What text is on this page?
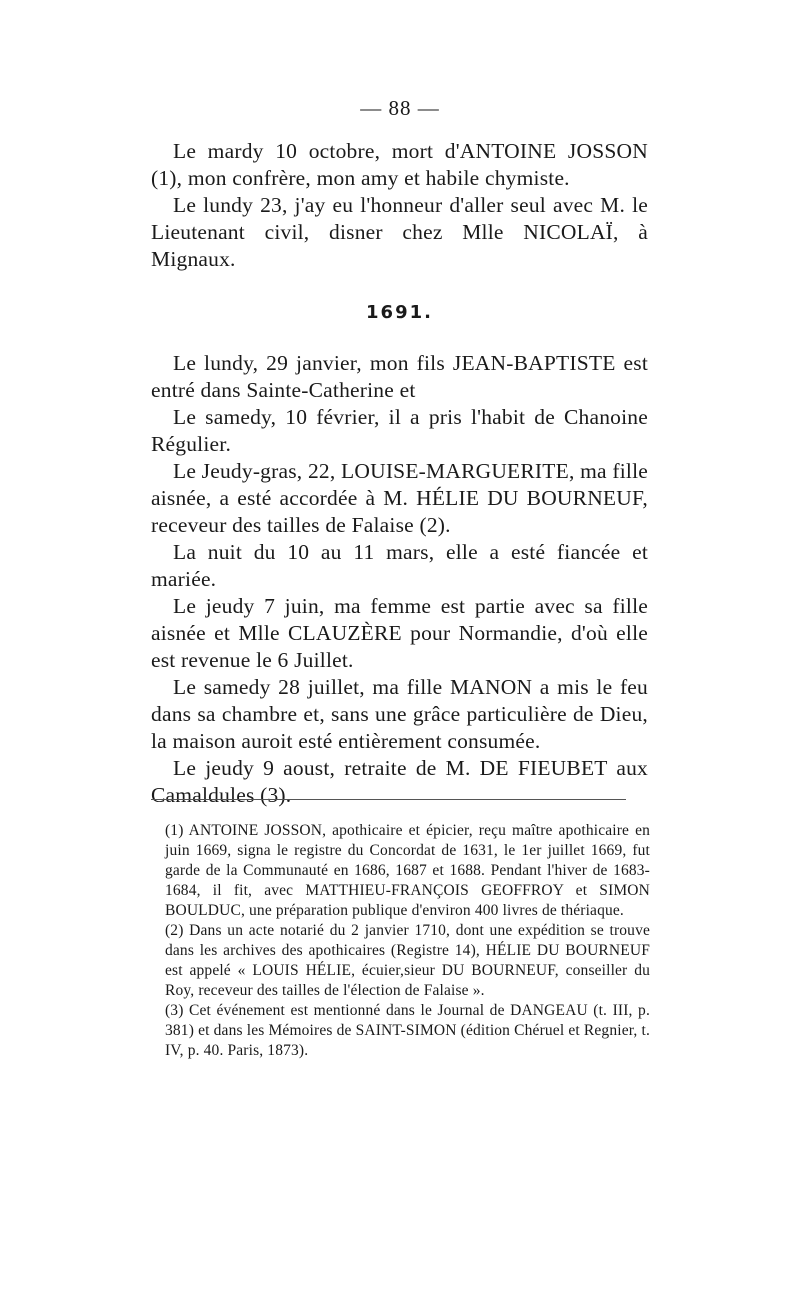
— 88 —

Le mardy 10 octobre, mort d'ANTOINE JOSSON (1), mon confrère, mon amy et habile chymiste.

Le lundy 23, j'ay eu l'honneur d'aller seul avec M. le Lieutenant civil, disner chez Mlle NICOLAÏ, à Mignaux.

1691.

Le lundy, 29 janvier, mon fils JEAN-BAPTISTE est entré dans Sainte-Catherine et

Le samedy, 10 février, il a pris l'habit de Chanoine Régulier.

Le Jeudy-gras, 22, LOUISE-MARGUERITE, ma fille aisnée, a esté accordée à M. HÉLIE DU BOURNEUF, receveur des tailles de Falaise (2).

La nuit du 10 au 11 mars, elle a esté fiancée et mariée.

Le jeudy 7 juin, ma femme est partie avec sa fille aisnée et Mlle CLAUZÈRE pour Normandie, d'où elle est revenue le 6 Juillet.

Le samedy 28 juillet, ma fille MANON a mis le feu dans sa chambre et, sans une grâce particulière de Dieu, la maison auroit esté entièrement consumée.

Le jeudy 9 aoust, retraite de M. DE FIEUBET aux Camaldules (3).

(1) ANTOINE JOSSON, apothicaire et épicier, reçu maître apothicaire en juin 1669, signa le registre du Concordat de 1631, le 1er juillet 1669, fut garde de la Communauté en 1686, 1687 et 1688. Pendant l'hiver de 1683-1684, il fit, avec MATTHIEU-FRANÇOIS GEOFFROY et SIMON BOULDUC, une préparation publique d'environ 400 livres de thériaque.

(2) Dans un acte notarié du 2 janvier 1710, dont une expédition se trouve dans les archives des apothicaires (Registre 14), HÉLIE DU BOURNEUF est appelé « LOUIS HÉLIE, écuier,sieur DU BOURNEUF, conseiller du Roy, receveur des tailles de l'élection de Falaise ».

(3) Cet événement est mentionné dans le Journal de DANGEAU (t. III, p. 381) et dans les Mémoires de SAINT-SIMON (édition Chéruel et Regnier, t. IV, p. 40. Paris, 1873).
